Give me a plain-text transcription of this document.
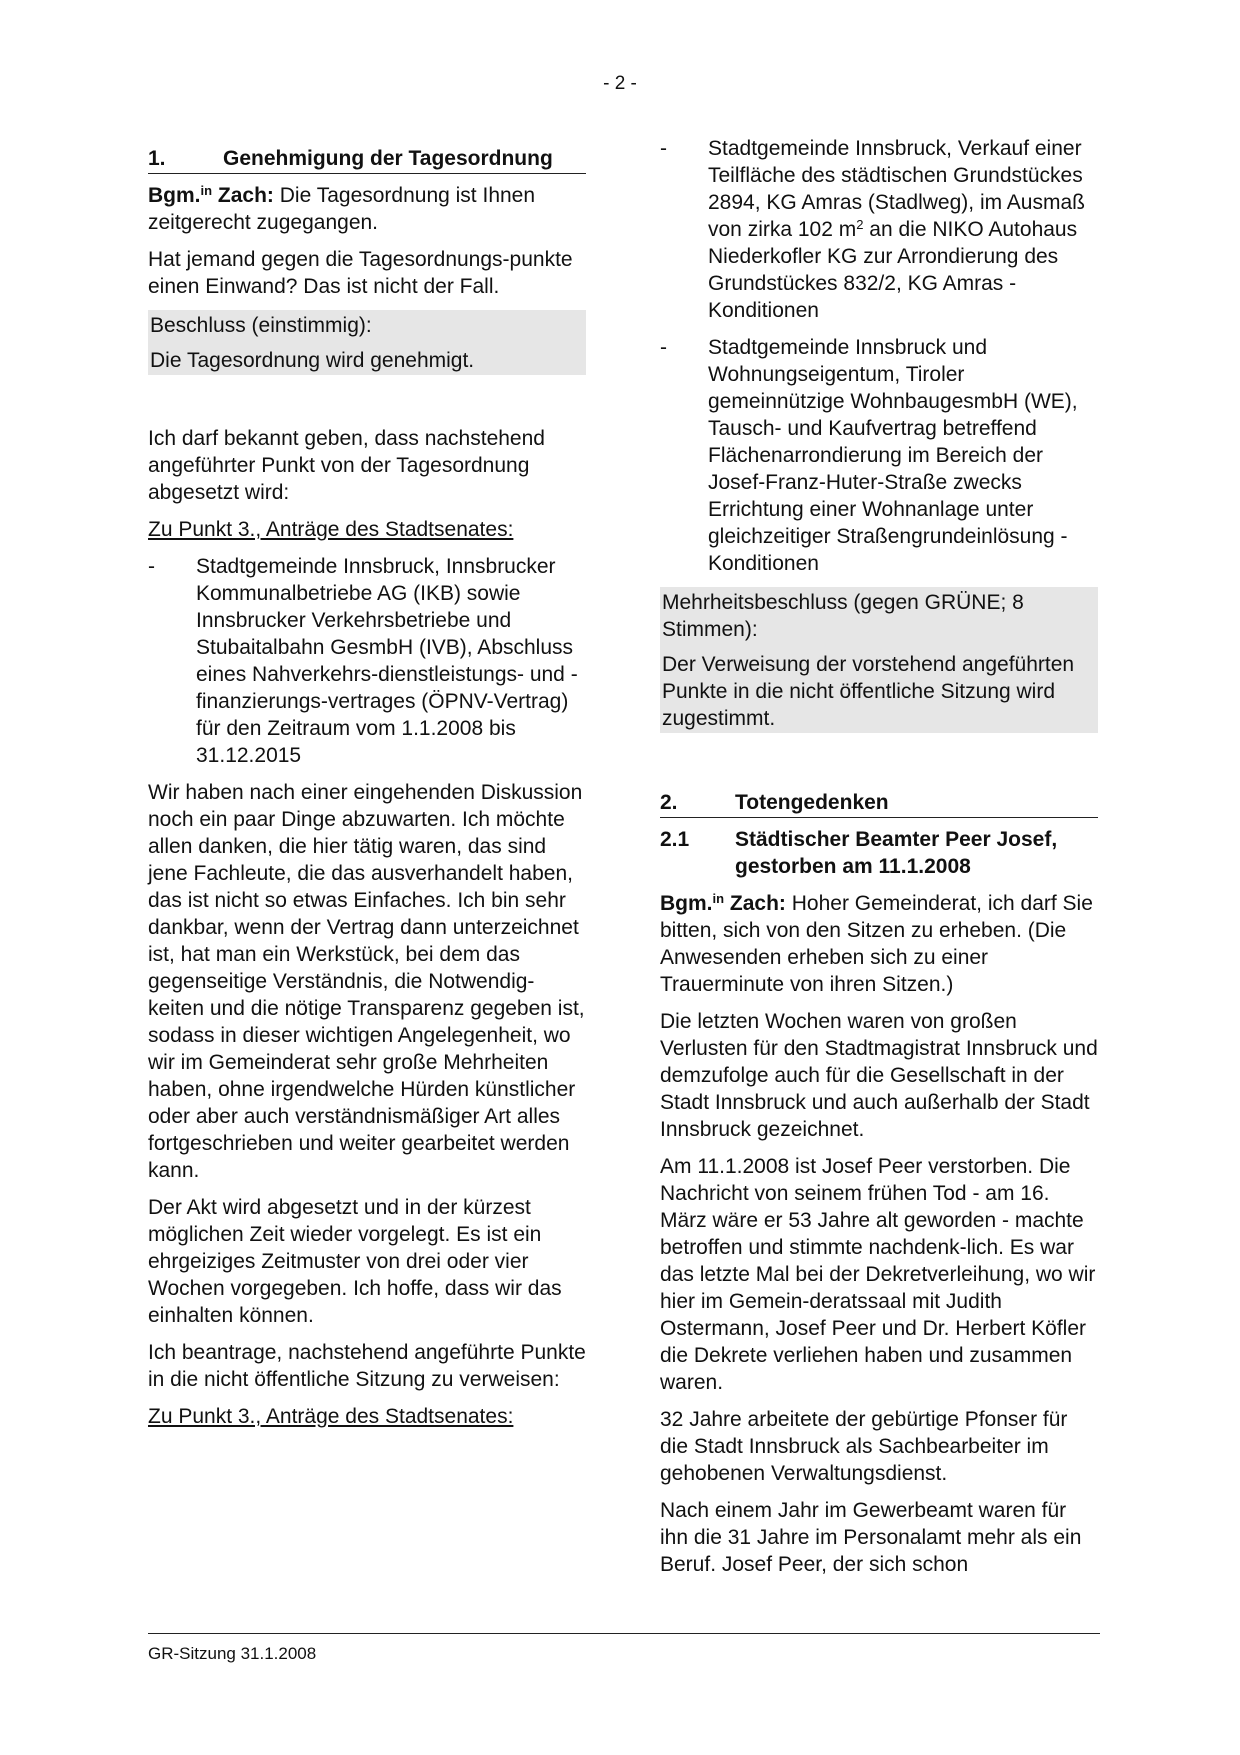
- 2 -
1.	Genehmigung der Tagesordnung

Bgm.$^{in}$ Zach: Die Tagesordnung ist Ihnen zeitgerecht zugegangen.

Hat jemand gegen die Tagesordnungs-punkte einen Einwand? Das ist nicht der Fall.

Beschluss (einstimmig):

Die Tagesordnung wird genehmigt.

Ich darf bekannt geben, dass nachstehend angeführter Punkt von der Tagesordnung abgesetzt wird:

Zu Punkt 3., Anträge des Stadtsenates:

-	Stadtgemeinde Innsbruck, Innsbrucker Kommunalbetriebe AG (IKB) sowie Innsbrucker Verkehrsbetriebe und Stubaitalbahn GesmbH (IVB), Abschluss eines Nahverkehrs-dienstleistungs- und -finanzierungs-vertrages (ÖPNV-Vertrag) für den Zeitraum vom 1.1.2008 bis 31.12.2015

Wir haben nach einer eingehenden Diskussion noch ein paar Dinge abzuwarten. Ich möchte allen danken, die hier tätig waren, das sind jene Fachleute, die das ausverhandelt haben, das ist nicht so etwas Einfaches. Ich bin sehr dankbar, wenn der Vertrag dann unterzeichnet ist, hat man ein Werkstück, bei dem das gegenseitige Verständnis, die Notwendig-keiten und die nötige Transparenz gegeben ist, sodass in dieser wichtigen Angelegenheit, wo wir im Gemeinderat sehr große Mehrheiten haben, ohne irgendwelche Hürden künstlicher oder aber auch verständnismäßiger Art alles fortgeschrieben und weiter gearbeitet werden kann.

Der Akt wird abgesetzt und in der kürzest möglichen Zeit wieder vorgelegt. Es ist ein ehrgeiziges Zeitmuster von drei oder vier Wochen vorgegeben. Ich hoffe, dass wir das einhalten können.

Ich beantrage, nachstehend angeführte Punkte in die nicht öffentliche Sitzung zu verweisen:

Zu Punkt 3., Anträge des Stadtsenates:

-	Stadtgemeinde Innsbruck, Verkauf einer Teilfläche des städtischen Grundstückes 2894, KG Amras (Stadlweg), im Ausmaß von zirka 102 $m^2$ an die NIKO Autohaus Niederkofler KG zur Arrondierung des Grundstückes 832/2, KG Amras - Konditionen
-	Stadtgemeinde Innsbruck und Wohnungseigentum, Tiroler gemeinnützige WohnbaugesmbH (WE), Tausch- und Kaufvertrag betreffend Flächenarrondierung im Bereich der Josef-Franz-Huter-Straße zwecks Errichtung einer Wohnanlage unter gleichzeitiger Straßengrundeinlösung - Konditionen

Mehrheitsbeschluss (gegen GRÜNE; 8 Stimmen):

Der Verweisung der vorstehend angeführten Punkte in die nicht öffentliche Sitzung wird zugestimmt.

2.	Totengedenken
2.1	Städtischer Beamter Peer Josef, gestorben am 11.1.2008

Bgm.$^{in}$ Zach: Hoher Gemeinderat, ich darf Sie bitten, sich von den Sitzen zu erheben. (Die Anwesenden erheben sich zu einer Trauerminute von ihren Sitzen.)

Die letzten Wochen waren von großen Verlusten für den Stadtmagistrat Innsbruck und demzufolge auch für die Gesellschaft in der Stadt Innsbruck und auch außerhalb der Stadt Innsbruck gezeichnet.

Am 11.1.2008 ist Josef Peer verstorben. Die Nachricht von seinem frühen Tod - am 16. März wäre er 53 Jahre alt geworden - machte betroffen und stimmte nachdenk-lich. Es war das letzte Mal bei der Dekretverleihung, wo wir hier im Gemein-deratssaal mit Judith Ostermann, Josef Peer und Dr. Herbert Köfler die Dekrete verliehen haben und zusammen waren.

32 Jahre arbeitete der gebürtige Pfonser für die Stadt Innsbruck als Sachbearbeiter im gehobenen Verwaltungsdienst.

Nach einem Jahr im Gewerbeamt waren für ihn die 31 Jahre im Personalamt mehr als ein Beruf. Josef Peer, der sich schon

GR-Sitzung 31.1.2008
